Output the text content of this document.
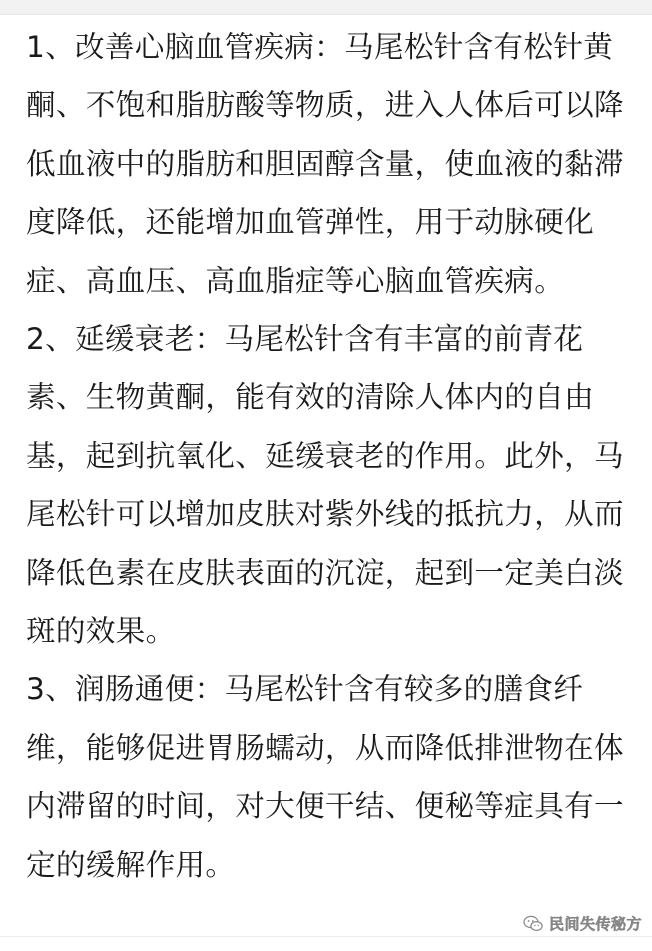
1、改善心脑血管疾病：马尾松针含有松针黄酮、不饱和脂肪酸等物质，进入人体后可以降低血液中的脂肪和胆固醇含量，使血液的黏滞度降低，还能增加血管弹性，用于动脉硬化症、高血压、高血脂症等心脑血管疾病。

2、延缓衰老：马尾松针含有丰富的前青花素、生物黄酮，能有效的清除人体内的自由基，起到抗氧化、延缓衰老的作用。此外，马尾松针可以增加皮肤对紫外线的抵抗力，从而降低色素在皮肤表面的沉淀，起到一定美白淡斑的效果。

3、润肠通便：马尾松针含有较多的膳食纤维，能够促进胃肠蠕动，从而降低排泄物在体内滞留的时间，对大便干结、便秘等症具有一定的缓解作用。

民间失传秘方
